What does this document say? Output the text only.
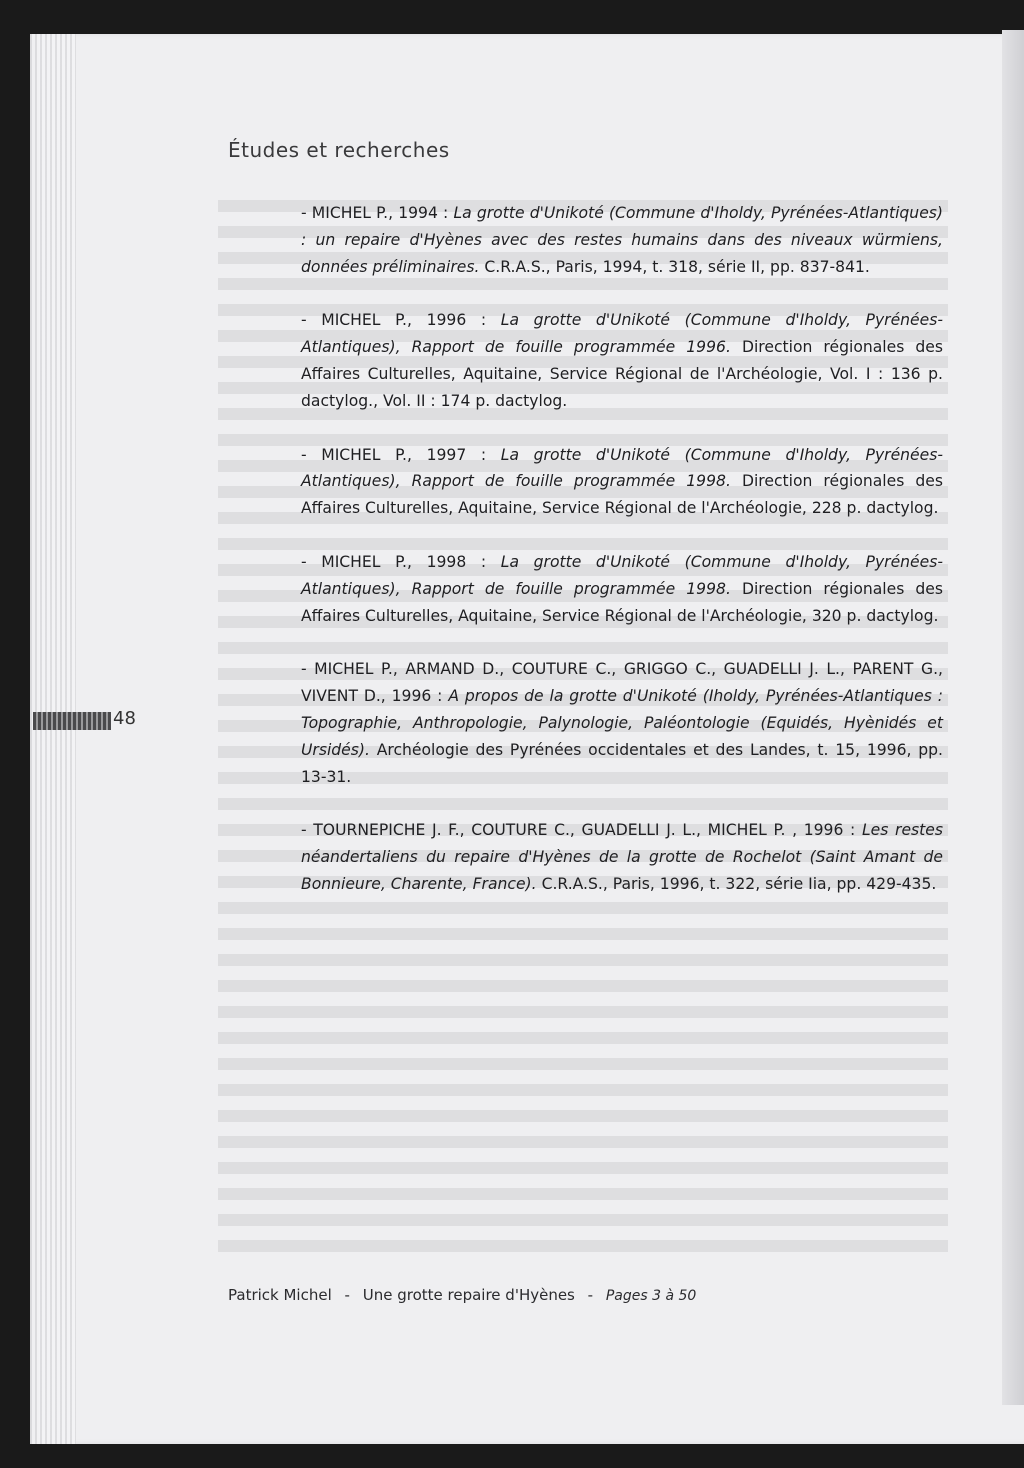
Études et recherches

- MICHEL P., 1994 : La grotte d'Unikoté (Commune d'Iholdy, Pyrénées-Atlantiques) : un repaire d'Hyènes avec des restes humains dans des niveaux würmiens, données préliminaires. C.R.A.S., Paris, 1994, t. 318, série II, pp. 837-841.

- MICHEL P., 1996 : La grotte d'Unikoté (Commune d'Iholdy, Pyrénées-Atlantiques), Rapport de fouille programmée 1996. Direction régionales des Affaires Culturelles, Aquitaine, Service Régional de l'Archéologie, Vol. I : 136 p. dactylog., Vol. II : 174 p. dactylog.

- MICHEL P., 1997 : La grotte d'Unikoté (Commune d'Iholdy, Pyrénées-Atlantiques), Rapport de fouille programmée 1998. Direction régionales des Affaires Culturelles, Aquitaine, Service Régional de l'Archéologie, 228 p. dactylog.

- MICHEL P., 1998 : La grotte d'Unikoté (Commune d'Iholdy, Pyrénées-Atlantiques), Rapport de fouille programmée 1998. Direction régionales des Affaires Culturelles, Aquitaine, Service Régional de l'Archéologie, 320 p. dactylog.

- MICHEL P., ARMAND D., COUTURE C., GRIGGO C., GUADELLI J. L., PARENT G., VIVENT D., 1996 : A propos de la grotte d'Unikoté (Iholdy, Pyrénées-Atlantiques : Topographie, Anthropologie, Palynologie, Paléontologie (Equidés, Hyènidés et Ursidés). Archéologie des Pyrénées occidentales et des Landes, t. 15, 1996, pp. 13-31.

- TOURNEPICHE J. F., COUTURE C., GUADELLI J. L., MICHEL P. , 1996 : Les restes néandertaliens du repaire d'Hyènes de la grotte de Rochelot (Saint Amant de Bonnieure, Charente, France). C.R.A.S., Paris, 1996, t. 322, série Iia, pp. 429-435.

48
Patrick Michel - Une grotte repaire d'Hyènes - Pages 3 à 50
